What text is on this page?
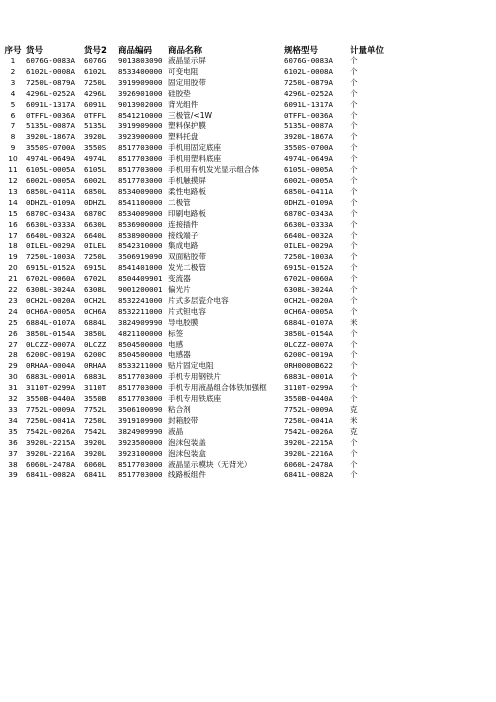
序号	货号	货号2	商品编码	商品名称	规格型号	计量单位
1	6076G-0083A	6076G	9013803090	液晶显示屏	6076G-0083A	个
2	6102L-0008A	6102L	8533400000	可变电阻	6102L-0008A	个
3	7250L-0879A	7250L	3919909000	固定用胶带	7250L-0879A	个
4	4296L-0252A	4296L	3926901000	硅胶垫	4296L-0252A	个
5	6091L-1317A	6091L	9013902000	背光组件	6091L-1317A	个
6	0TFFL-0036A	0TFFL	8541210000	三极管/<1W	0TFFL-0036A	个
7	5135L-0087A	5135L	3919909000	塑料保护膜	5135L-0087A	个
8	3920L-1867A	3920L	3923900000	塑料托盘	3920L-1867A	个
9	3550S-0700A	3550S	8517703000	手机用固定底座	3550S-0700A	个
10	4974L-0649A	4974L	8517703000	手机用塑料底座	4974L-0649A	个
11	6105L-0005A	6105L	8517703000	手机用有机发光显示组合体	6105L-0005A	个
12	6002L-0005A	6002L	8517703000	手机触摸屏	6002L-0005A	个
13	6850L-0411A	6850L	8534009000	柔性电路板	6850L-0411A	个
14	0DHZL-0109A	0DHZL	8541100000	二极管	0DHZL-0109A	个
15	6870C-0343A	6870C	8534009000	印刷电路板	6870C-0343A	个
16	6630L-0333A	6630L	8536900000	连接插件	6630L-0333A	个
17	6640L-0032A	6640L	8538900000	接线端子	6640L-0032A	个
18	0ILEL-0029A	0ILEL	8542310000	集成电路	0ILEL-0029A	个
19	7250L-1003A	7250L	3506919090	双面粘胶带	7250L-1003A	个
20	6915L-0152A	6915L	8541401000	发光二极管	6915L-0152A	个
21	6702L-0060A	6702L	8504409901	变流器	6702L-0060A	个
22	6308L-3024A	6308L	9001200001	偏光片	6308L-3024A	个
23	0CH2L-0020A	0CH2L	8532241000	片式多层瓷介电容	0CH2L-0020A	个
24	0CH6A-0005A	0CH6A	8532211000	片式钽电容	0CH6A-0005A	个
25	6884L-0107A	6884L	3824909990	导电胶膜	6884L-0107A	米
26	3850L-0154A	3850L	4821100000	标签	3850L-0154A	个
27	0LCZZ-0007A	0LCZZ	8504500000	电感	0LCZZ-0007A	个
28	6200C-0019A	6200C	8504500000	电感器	6200C-0019A	个
29	0RHAA-0004A	0RHAA	8533211000	贴片固定电阻	0RH0000B622	个
30	6883L-0001A	6883L	8517703000	手机专用钢铁片	6883L-0001A	个
31	3110T-0299A	3110T	8517703000	手机专用液晶组合体铁加强框	3110T-0299A	个
32	3550B-0440A	3550B	8517703000	手机专用铁底座	3550B-0440A	个
33	7752L-0009A	7752L	3506100090	粘合剂	7752L-0009A	克
34	7250L-0041A	7250L	3919109900	封箱胶带	7250L-0041A	米
35	7542L-0026A	7542L	3824909990	液晶	7542L-0026A	克
36	3920L-2215A	3920L	3923500000	泡沫包装盖	3920L-2215A	个
37	3920L-2216A	3920L	3923100000	泡沫包装盒	3920L-2216A	个
38	6060L-2478A	6060L	8517703000	液晶显示模块（无背光）	6060L-2478A	个
39	6841L-0082A	6841L	8517703000	线路板组件	6841L-0082A	个
